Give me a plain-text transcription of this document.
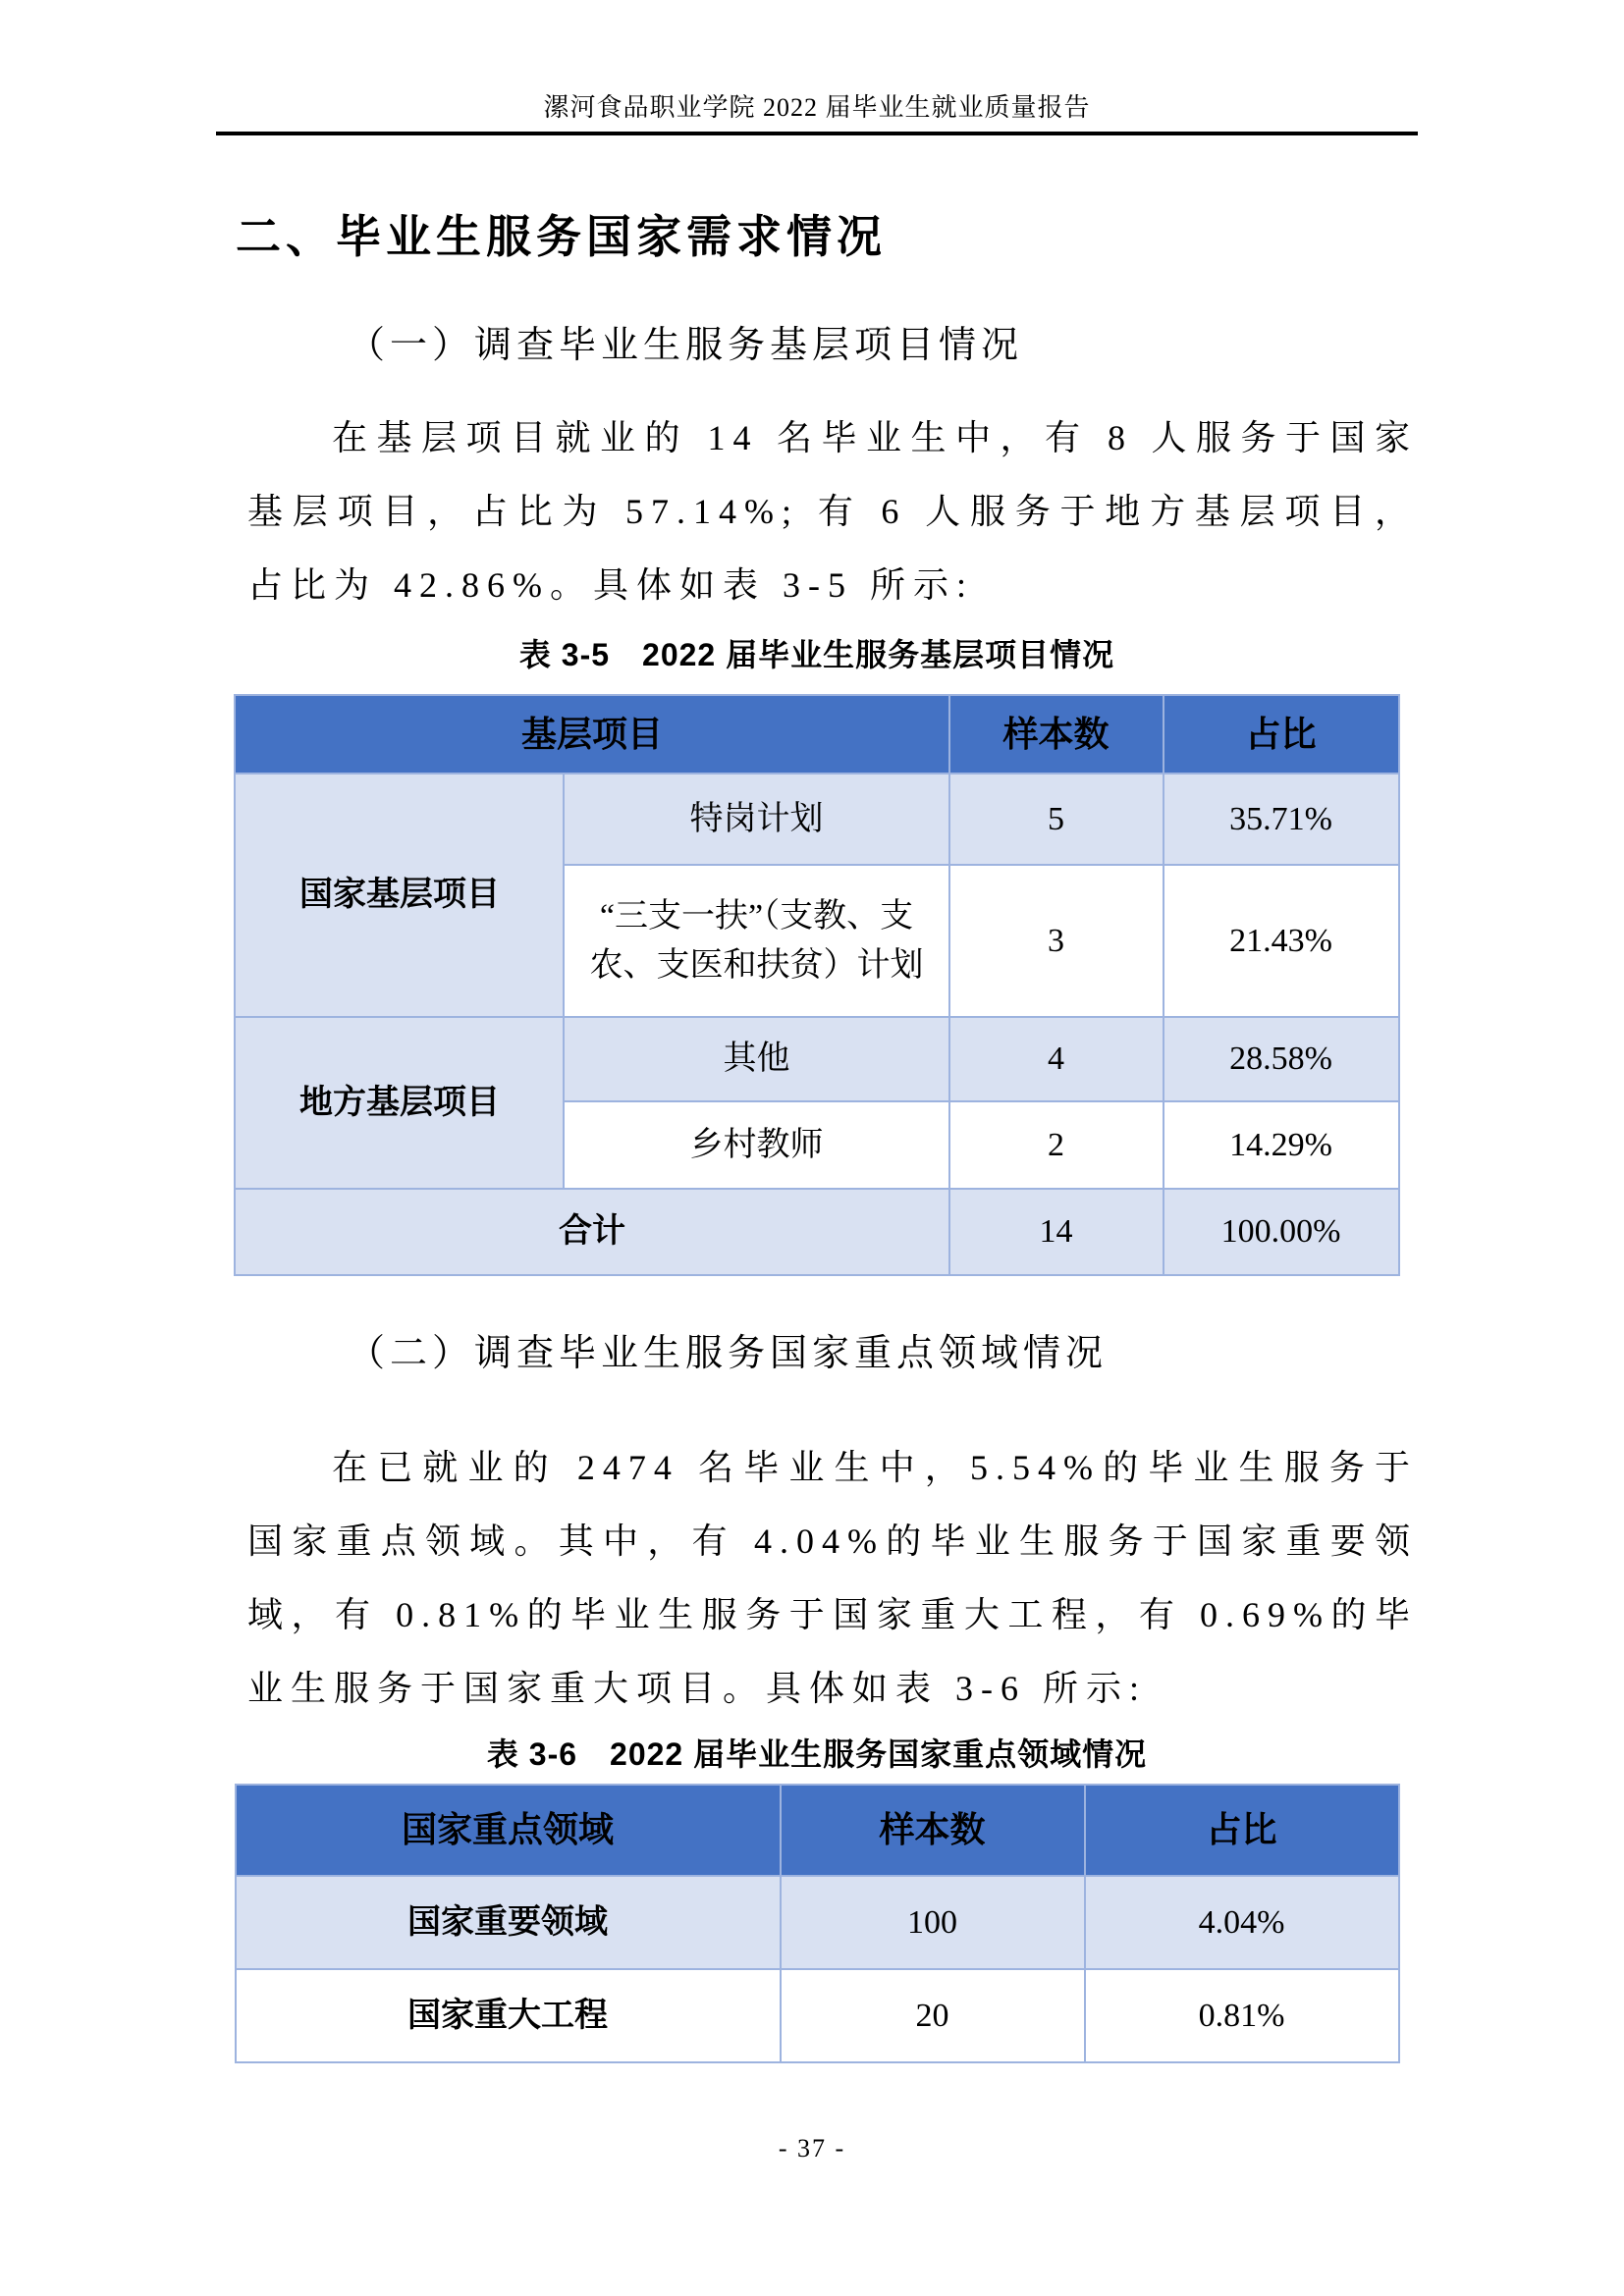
漯河食品职业学院 2022 届毕业生就业质量报告
二、毕业生服务国家需求情况
（一）调查毕业生服务基层项目情况

在基层项目就业的 14 名毕业生中，有 8 人服务于国家基层项目，占比为 57.14%; 有 6 人服务于地方基层项目，占比为 42.86%。具体如表 3-5 所示:

表 3-5　2022 届毕业生服务基层项目情况
基层项目		样本数	占比
国家基层项目	特岗计划	5	35.71%
	“三支一扶”（支教、支农、支医和扶贫）计划	3	21.43%
地方基层项目	其他	4	28.58%
	乡村教师	2	14.29%
合计		14	100.00%
（二）调查毕业生服务国家重点领域情况

在已就业的 2474 名毕业生中，5.54%的毕业生服务于国家重点领域。其中，有 4.04%的毕业生服务于国家重要领域，有 0.81%的毕业生服务于国家重大工程，有 0.69%的毕业生服务于国家重大项目。具体如表 3-6 所示:

表 3-6　2022 届毕业生服务国家重点领域情况
国家重点领域	样本数	占比
国家重要领域	100	4.04%
国家重大工程	20	0.81%
- 37 -
